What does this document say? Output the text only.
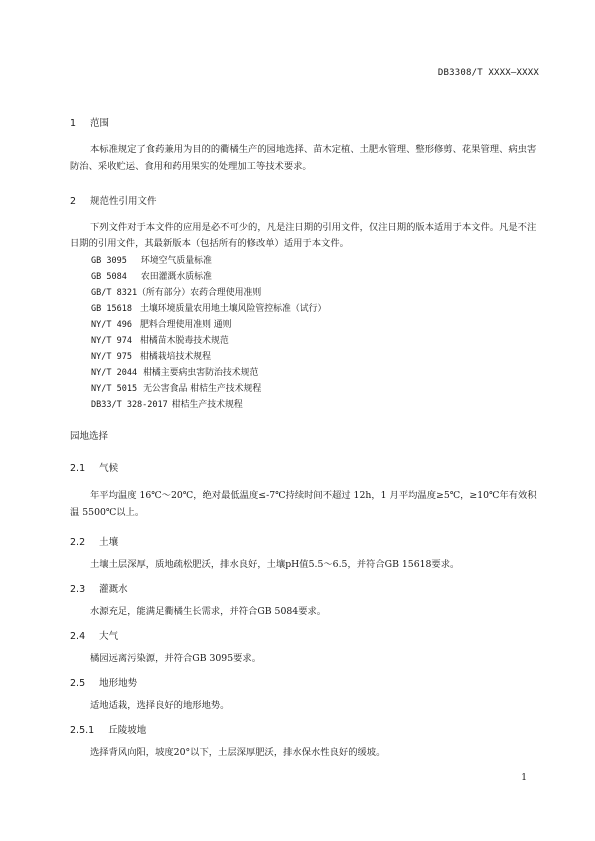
DB3308/T XXXX—XXXX
1 范围
本标准规定了食药兼用为目的的衢橘生产的园地选择、苗木定植、土肥水管理、整形修剪、花果管理、病虫害防治、采收贮运、食用和药用果实的处理加工等技术要求。
2 规范性引用文件
下列文件对于本文件的应用是必不可少的，凡是注日期的引用文件，仅注日期的版本适用于本文件。凡是不注日期的引用文件，其最新版本（包括所有的修改单）适用于本文件。
GB 3095 环境空气质量标准
GB 5084 农田灌溉水质标准
GB/T 8321（所有部分）农药合理使用准则
GB 15618 土壤环境质量农用地土壤风险管控标准（试行）
NY/T 496 肥料合理使用准则 通则
NY/T 974 柑橘苗木脱毒技术规范
NY/T 975 柑橘栽培技术规程
NY/T 2044 柑橘主要病虫害防治技术规范
NY/T 5015 无公害食品 柑桔生产技术规程
DB33/T 328-2017 柑桔生产技术规程
园地选择
2.1 气候
年平均温度 16℃～20℃，绝对最低温度≤-7℃持续时间不超过 12h，1 月平均温度≥5℃，≥10℃年有效积温 5500℃以上。
2.2 土壤
土壤土层深厚，质地疏松肥沃，排水良好，土壤pH值5.5～6.5，并符合GB 15618要求。
2.3 灌溉水
水源充足，能满足衢橘生长需求，并符合GB 5084要求。
2.4 大气
橘园远离污染源，并符合GB 3095要求。
2.5 地形地势
适地适栽，选择良好的地形地势。
2.5.1 丘陵坡地
选择背风向阳，坡度20°以下，土层深厚肥沃，排水保水性良好的缓坡。
1
